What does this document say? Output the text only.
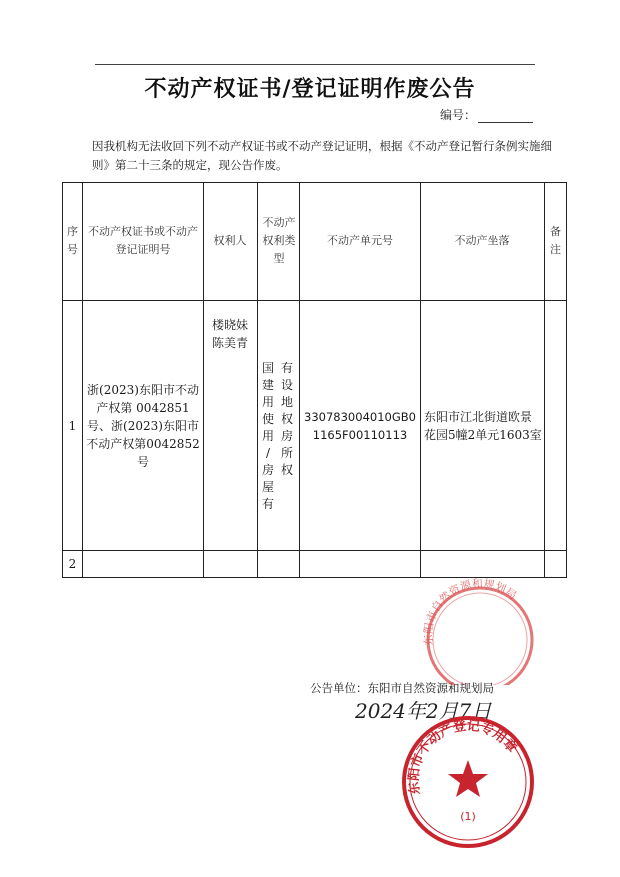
不动产权证书/登记证明作废公告
编号：
因我机构无法收回下列不动产权证书或不动产登记证明，根据《不动产登记暂行条例实施细则》第二十三条的规定，现公告作废。
序号
不动产权证书或不动产登记证明号
权利人
不动产权利类型
不动产单元号	不动产坐落
备注
1
浙(2023)东阳市不动产权第 0042851号、浙(2023)东阳市不动产权第0042852 号
楼晓妹
陈美青
国
建
用
使
用
/
房
屋
有
有
设
地
权
房
所
权
330783004010GB01165F00110113
东阳市江北街道欧景花园5幢2单元1603室
2
公告单位：东阳市自然资源和规划局
2024年2月7日
东阳市自然资源和规划局
东阳市不动产登记专用章
(1)
